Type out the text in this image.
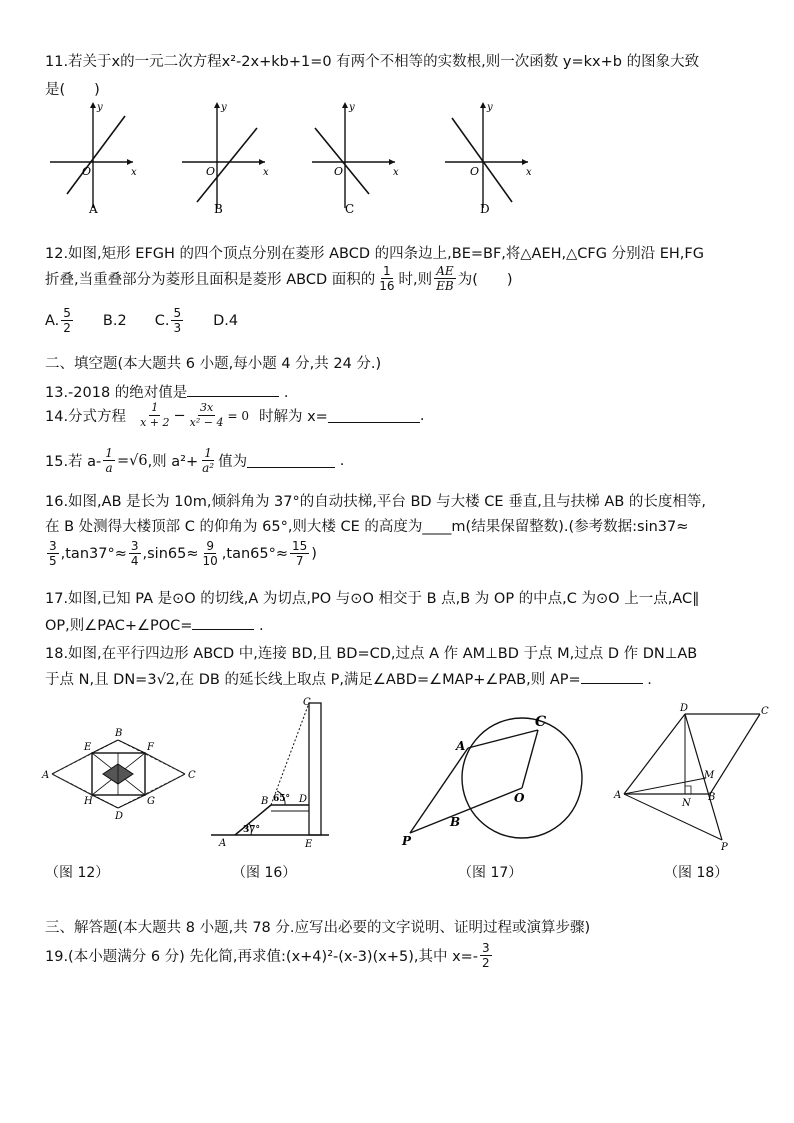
11.若关于x的一元二次方程x²-2x+kb+1=0 有两个不相等的实数根,则一次函数 y=kx+b 的图象大致
是(　　)
O	x
y
A
O	x
y
B
O	x
y
C
O	x
y
D
12.如图,矩形 EFGH 的四个顶点分别在菱形 ABCD 的四条边上,BE=BF,将△AEH,△CFG 分别沿 EH,FG
折叠,当重叠部分为菱形且面积是菱形 ABCD 面积的 $\frac{1}{16}$ 时,则 $\frac{AE}{EB}$ 为(　　)
A. $\frac{5}{2} B.2$ C. $\frac{5}{3} D.4$
二、填空题(本大题共 6 小题,每小题 4 分,共 24 分.)
13.-2018 的绝对值是	.
14.分式方程 $\frac{1}{x + 2} - \frac{3x}{\text{x² − 4}} = 0$ 时解为 x=	.
15.若 $a- \frac{1}{a} = √6$ ,则 $a^2+ \frac{1}{\text{a²}}$ 值为	.
16.如图,AB 是长为 10m,倾斜角为 37°的自动扶梯,平台 BD 与大楼 CE 垂直,且与扶梯 AB 的长度相等,
在 B 处测得大楼顶部 C 的仰角为 65°,则大楼 CE 的高度为____m(结果保留整数).(参考数据:sin37≈
$\frac{3}{5} ,\tan 37^\circ\approx \frac{3}{4} ,\sin 65\approx \frac{9}{10} ,\tan 65^\circ\approx \frac{15}{7}$ )
17.如图,已知 PA 是⊙O 的切线,A 为切点,PO 与⊙O 相交于 B 点,B 为 OP 的中点,C 为⊙O 上一点,AC∥
OP,则∠PAC+∠POC=	.
18.如图,在平行四边形 ABCD 中,连接 BD,且 BD=CD,过点 A 作 AM⊥BD 于点 M,过点 D 作 DN⊥AB
于点 N,且 DN=3√2,在 DB 的延长线上取点 P,满足∠ABD=∠MAP+∠PAB,则 AP=	.
A
B
C
D
E	F
G
H
（图 12）
C
B	D
A	E
37°
65°
（图 16）
P
A
C
O
B
（图 17）
D	C
A	B
M
N
P
（图 18）
三、解答题(本大题共 8 小题,共 78 分.应写出必要的文字说明、证明过程或演算步骤)
19.(本小题满分 6 分) 先化简,再求值:(x+4)²-(x-3)(x+5),其中 $x=- \frac{3}{2}$
